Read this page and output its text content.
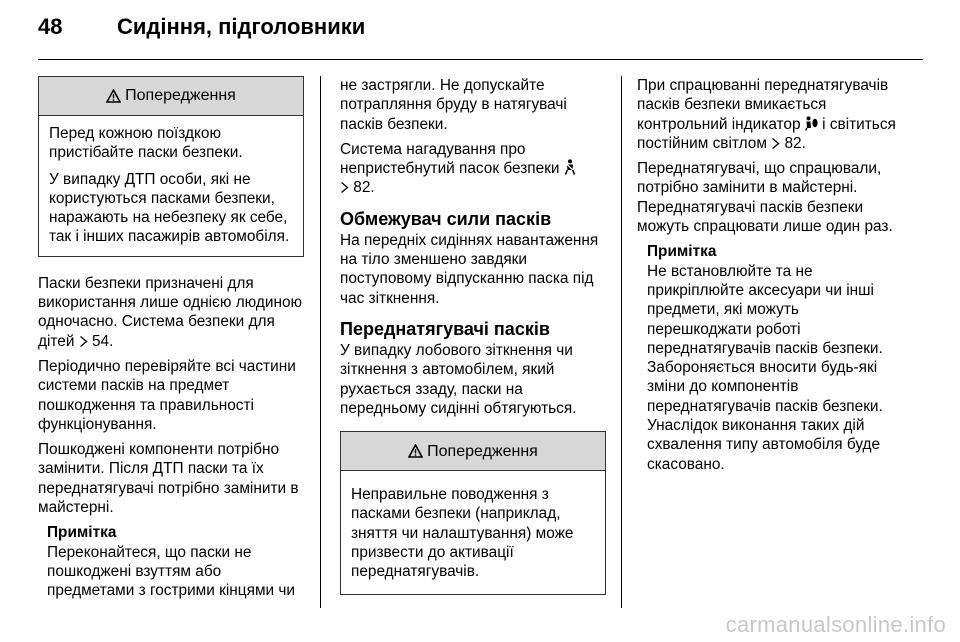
48 Сидіння, підголовники
Попередження

Перед кожною поїздкою пристібайте паски безпеки.

У випадку ДТП особи, які не користуються пасками безпеки, наражають на небезпеку як себе, так і інших пасажирів автомобіля.

Паски безпеки призначені для використання лише однією людиною одночасно. Система безпеки для дітей 54.

Періодично перевіряйте всі частини системи пасків на предмет пошкодження та правильності функціонування.

Пошкоджені компоненти потрібно замінити. Після ДТП паски та їх переднатягувачі потрібно замінити в майстерні.

Примітка
Переконайтеся, що паски не пошкоджені взуттям або предметами з гострими кінцями чи

не застрягли. Не допускайте потрапляння бруду в натягувачі пасків безпеки.

Система нагадування про непристебнутий пасок безпеки
82.

Обмежувач сили пасків

На передніх сидіннях навантаження на тіло зменшено завдяки поступовому відпусканню паска під час зіткнення.

Переднатягувачі пасків

У випадку лобового зіткнення чи зіткнення з автомобілем, який рухається ззаду, паски на передньому сидінні обтягуються.

Попередження

Неправильне поводження з пасками безпеки (наприклад, зняття чи налаштування) може призвести до активації переднатягувачів.

При спрацюванні переднатягувачів пасків безпеки вмикається контрольний індикатор і світиться постійним світлом 82.

Переднатягувачі, що спрацювали, потрібно замінити в майстерні. Переднатягувачі пасків безпеки можуть спрацювати лише один раз.

Примітка
Не встановлюйте та не прикріплюйте аксесуари чи інші предмети, які можуть перешкоджати роботі переднатягувачів пасків безпеки. Забороняється вносити будь-які зміни до компонентів переднатягувачів пасків безпеки. Унаслідок виконання таких дій схвалення типу автомобіля буде скасовано.
carmanualsonline.info
